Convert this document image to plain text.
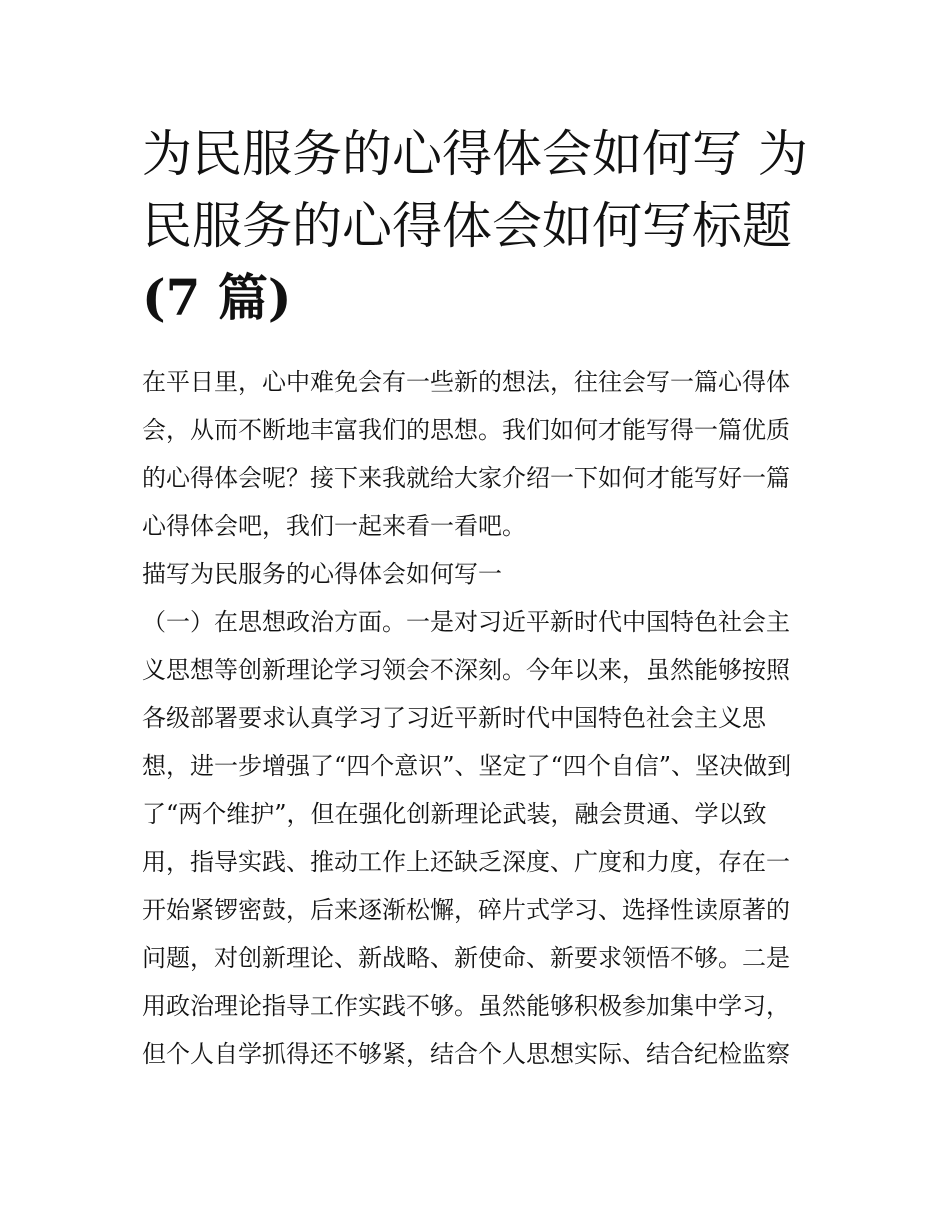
为民服务的心得体会如何写 为
民服务的心得体会如何写标题
(7 篇)
在平日里，心中难免会有一些新的想法，往往会写一篇心得体
会，从而不断地丰富我们的思想。我们如何才能写得一篇优质
的心得体会呢？接下来我就给大家介绍一下如何才能写好一篇
心得体会吧，我们一起来看一看吧。
描写为民服务的心得体会如何写一
（一）在思想政治方面。一是对习近平新时代中国特色社会主
义思想等创新理论学习领会不深刻。今年以来，虽然能够按照
各级部署要求认真学习了习近平新时代中国特色社会主义思
想，进一步增强了“四个意识”、坚定了“四个自信”、坚决做到
了“两个维护”，但在强化创新理论武装，融会贯通、学以致
用，指导实践、推动工作上还缺乏深度、广度和力度，存在一
开始紧锣密鼓，后来逐渐松懈，碎片式学习、选择性读原著的
问题，对创新理论、新战略、新使命、新要求领悟不够。二是
用政治理论指导工作实践不够。虽然能够积极参加集中学习，
但个人自学抓得还不够紧，结合个人思想实际、结合纪检监察
